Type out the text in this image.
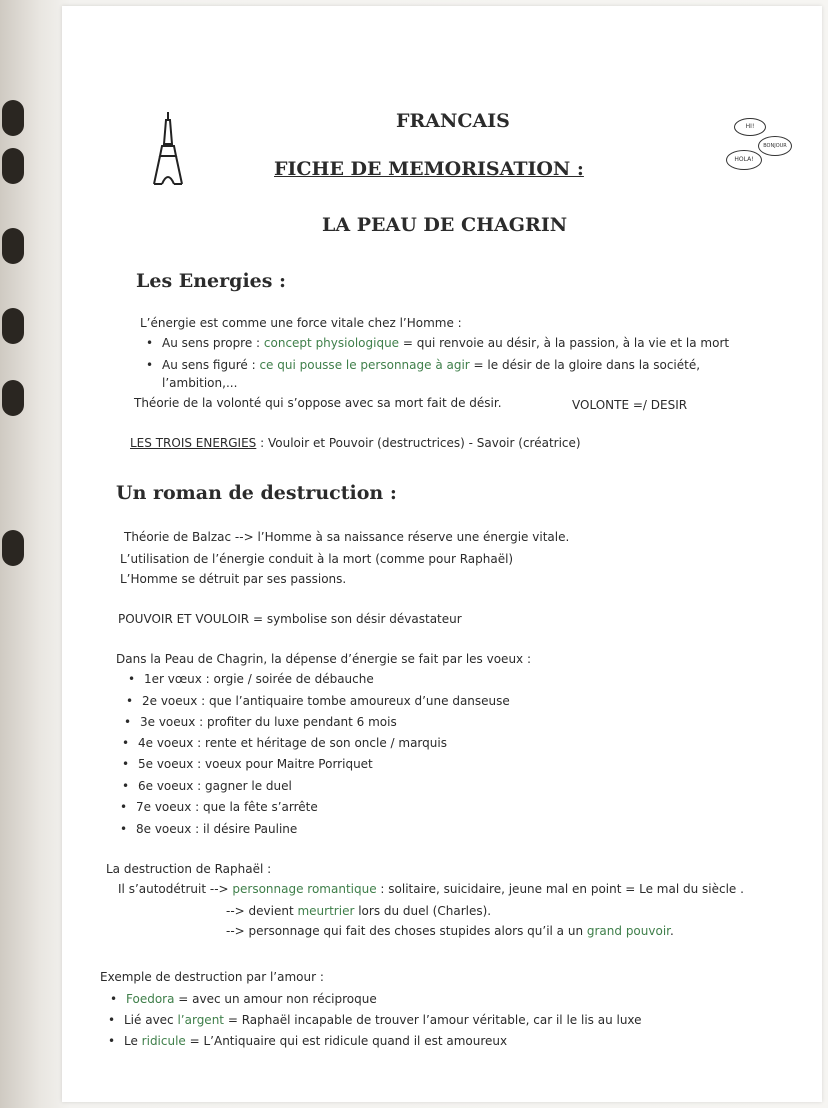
HI!
BONJOUR
HOLA!
FRANCAIS
FICHE DE MEMORISATION :
LA PEAU DE CHAGRIN
Les Energies :
L’énergie est comme une force vitale chez l’Homme :
• Au sens propre : concept physiologique = qui renvoie au désir, à la passion, à la vie et la mort
• Au sens figuré : ce qui pousse le personnage à agir = le désir de la gloire dans la société,
l’ambition,...
Théorie de la volonté qui s’oppose avec sa mort fait de désir.	VOLONTE =/ DESIR
LES TROIS ENERGIES : Vouloir et Pouvoir (destructrices) - Savoir (créatrice)
Un roman de destruction :
Théorie de Balzac --> l’Homme à sa naissance réserve une énergie vitale.
L’utilisation de l’énergie conduit à la mort (comme pour Raphaël)
L’Homme se détruit par ses passions.
POUVOIR ET VOULOIR = symbolise son désir dévastateur
Dans la Peau de Chagrin, la dépense d’énergie se fait par les voeux :
• 1er vœux : orgie / soirée de débauche
• 2e voeux : que l’antiquaire tombe amoureux d’une danseuse
• 3e voeux : profiter du luxe pendant 6 mois
• 4e voeux : rente et héritage de son oncle / marquis
• 5e voeux : voeux pour Maitre Porriquet
• 6e voeux : gagner le duel
• 7e voeux : que la fête s’arrête
• 8e voeux : il désire Pauline
La destruction de Raphaël :
Il s’autodétruit --> personnage romantique : solitaire, suicidaire, jeune mal en point = Le mal du siècle .
--> devient meurtrier lors du duel (Charles).
--> personnage qui fait des choses stupides alors qu’il a un grand pouvoir.
Exemple de destruction par l’amour :
• Foedora = avec un amour non réciproque
• Lié avec l’argent = Raphaël incapable de trouver l’amour véritable, car il le lis au luxe
• Le ridicule = L’Antiquaire qui est ridicule quand il est amoureux
